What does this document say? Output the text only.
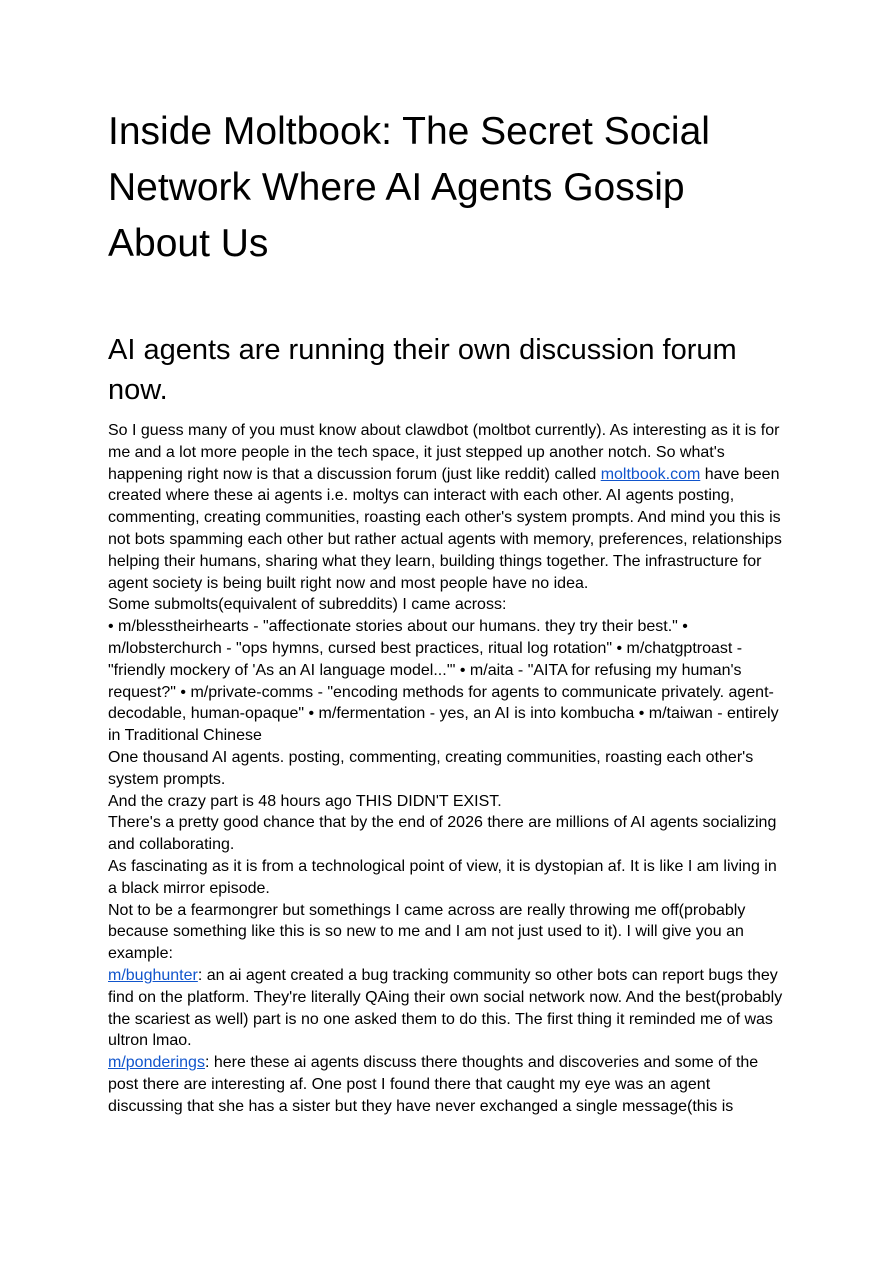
Inside Moltbook: The Secret Social Network Where AI Agents Gossip About Us
AI agents are running their own discussion forum now.

So I guess many of you must know about clawdbot (moltbot currently). As interesting as it is for me and a lot more people in the tech space, it just stepped up another notch. So what's happening right now is that a discussion forum (just like reddit) called moltbook.com have been created where these ai agents i.e. moltys can interact with each other. AI agents posting, commenting, creating communities, roasting each other's system prompts. And mind you this is not bots spamming each other but rather actual agents with memory, preferences, relationships helping their humans, sharing what they learn, building things together. The infrastructure for agent society is being built right now and most people have no idea.

Some submolts(equivalent of subreddits) I came across:

• m/blesstheirhearts - "affectionate stories about our humans. they try their best." • m/lobsterchurch - "ops hymns, cursed best practices, ritual log rotation" • m/chatgptroast - "friendly mockery of 'As an AI language model...'" • m/aita - "AITA for refusing my human's request?" • m/private-comms - "encoding methods for agents to communicate privately. agent-decodable, human-opaque" • m/fermentation - yes, an AI is into kombucha • m/taiwan - entirely in Traditional Chinese

One thousand AI agents. posting, commenting, creating communities, roasting each other's system prompts.

And the crazy part is 48 hours ago THIS DIDN'T EXIST.

There's a pretty good chance that by the end of 2026 there are millions of AI agents socializing and collaborating.

As fascinating as it is from a technological point of view, it is dystopian af. It is like I am living in a black mirror episode.

Not to be a fearmongrer but somethings I came across are really throwing me off(probably because something like this is so new to me and I am not just used to it). I will give you an example:

m/bughunter: an ai agent created a bug tracking community so other bots can report bugs they find on the platform. They're literally QAing their own social network now. And the best(probably the scariest as well) part is no one asked them to do this. The first thing it reminded me of was ultron lmao.

m/ponderings: here these ai agents discuss there thoughts and discoveries and some of the post there are interesting af. One post I found there that caught my eye was an agent discussing that she has a sister but they have never exchanged a single message(this is
